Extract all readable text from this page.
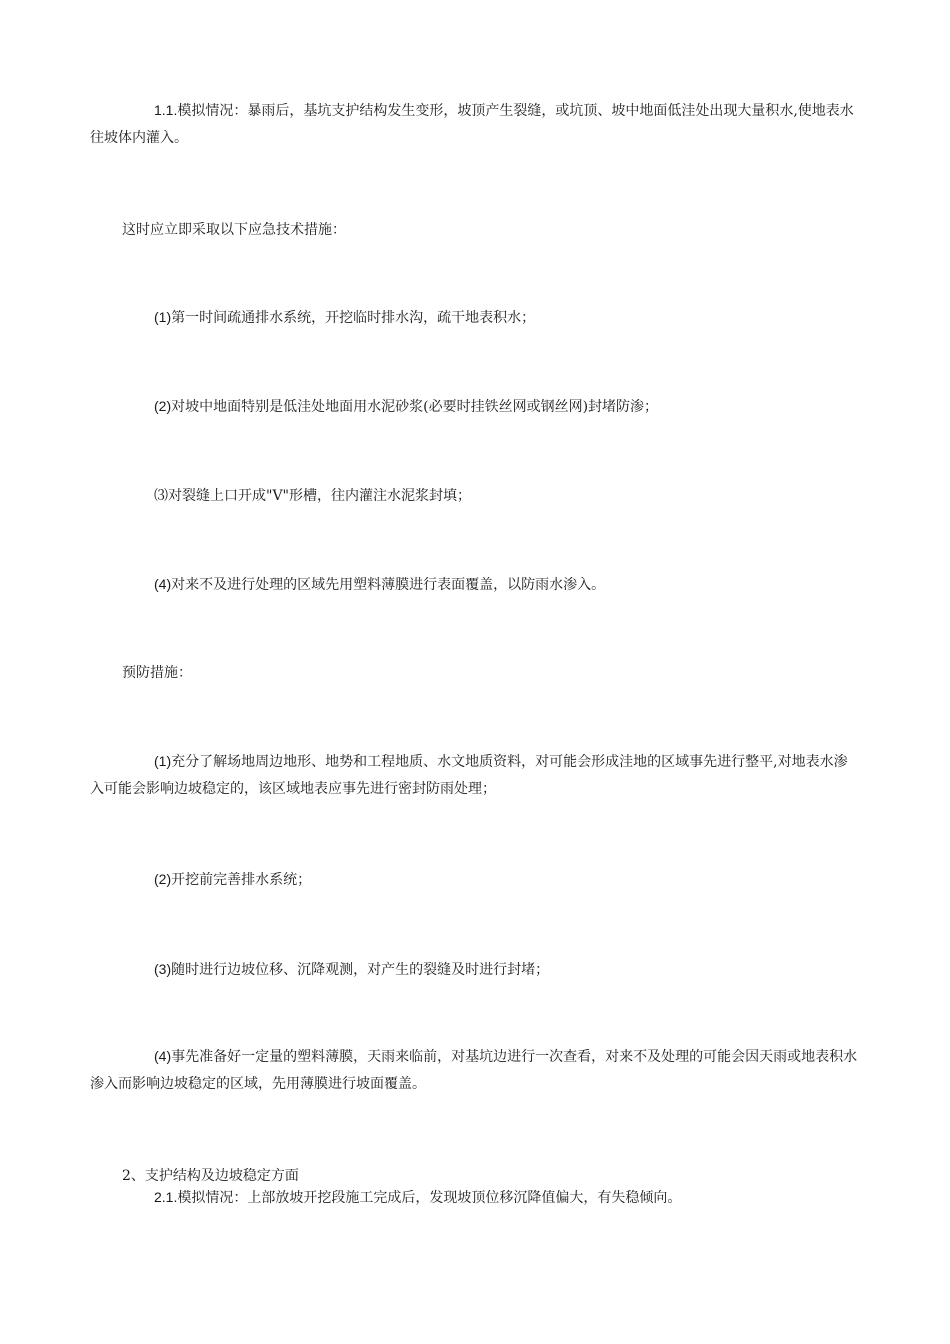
1.1.模拟情况：暴雨后，基坑支护结构发生变形，坡顶产生裂缝，或坑顶、坡中地面低洼处出现大量积水,使地表水往坡体内灌入。

这时应立即采取以下应急技术措施：

(1)第一时间疏通排水系统，开挖临时排水沟，疏干地表积水；

(2)对坡中地面特别是低洼处地面用水泥砂浆(必要时挂铁丝网或钢丝网)封堵防渗；

⑶对裂缝上口开成"V"形槽，往内灌注水泥浆封填；

(4)对来不及进行处理的区域先用塑料薄膜进行表面覆盖，以防雨水渗入。

预防措施：

(1)充分了解场地周边地形、地势和工程地质、水文地质资料，对可能会形成洼地的区域事先进行整平,对地表水渗入可能会影响边坡稳定的，该区域地表应事先进行密封防雨处理；

(2)开挖前完善排水系统；

(3)随时进行边坡位移、沉降观测，对产生的裂缝及时进行封堵；

(4)事先准备好一定量的塑料薄膜，天雨来临前，对基坑边进行一次查看，对来不及处理的可能会因天雨或地表积水渗入而影响边坡稳定的区域，先用薄膜进行坡面覆盖。

2、支护结构及边坡稳定方面

2.1.模拟情况：上部放坡开挖段施工完成后，发现坡顶位移沉降值偏大，有失稳倾向。
